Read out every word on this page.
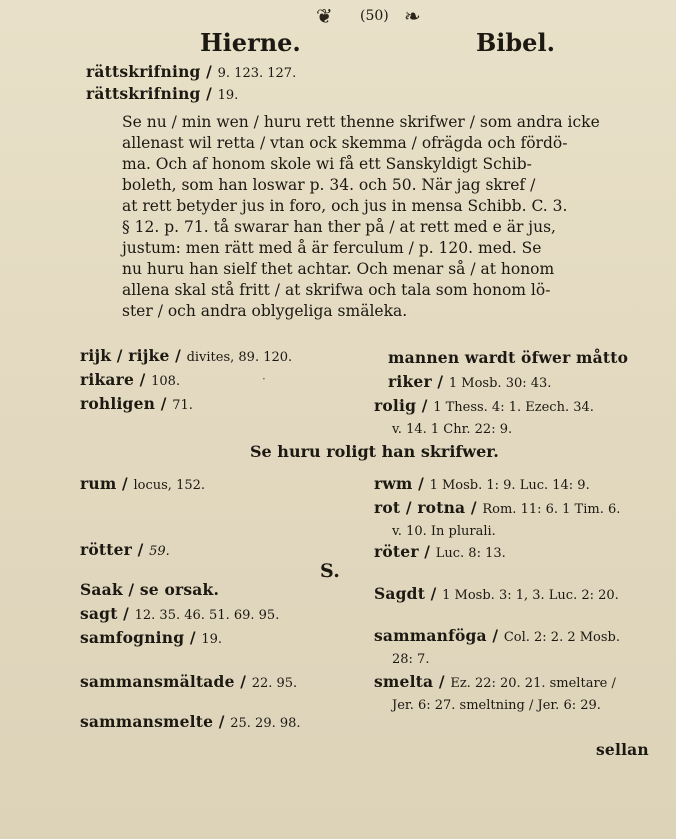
❦ (50) ❧
Hierne.	Bibel.
rättskrifning / 9. 123. 127.
rättskrifning / 19.
Se nu / min wen / huru rett thenne skrifwer / som andra icke
allenast wil retta / vtan ock skemma / ofrägda och fördö-
ma. Och af honom skole wi få ett Sanskyldigt Schib-
boleth, som han loswar p. 34. och 50. När jag skref /
at rett betyder jus in foro, och jus in mensa Schibb. C. 3.
§ 12. p. 71. tå swarar han ther på / at rett med e är jus,
justum: men rätt med å är ferculum / p. 120. med. Se
nu huru han sielf thet achtar. Och menar så / at honom
allena skal stå fritt / at skrifwa och tala som honom lö-
ster / och andra oblygeliga smäleka.
rijk / rijke / divites, 89. 120.
rikare / 108.
rohligen / 71.
mannen wardt öfwer måtto
riker / 1 Mosb. 30: 43.
rolig / 1 Thess. 4: 1. Ezech. 34.
v. 14. 1 Chr. 22: 9.
Se huru roligt han skrifwer.
rum / locus, 152.
rötter / 59.
rwm / 1 Mosb. 1: 9. Luc. 14: 9.
rot / rotna / Rom. 11: 6. 1 Tim. 6.
v. 10. In plurali.
röter / Luc. 8: 13.
S.
Saak / se orsak.
sagt / 12. 35. 46. 51. 69. 95.
samfogning / 19.
sammansmältade / 22. 95.
sammansmelte / 25. 29. 98.
Sagdt / 1 Mosb. 3: 1, 3. Luc. 2: 20.
sammanföga / Col. 2: 2. 2 Mosb.
28: 7.
smelta / Ez. 22: 20. 21. smeltare /
Jer. 6: 27. smeltning / Jer. 6: 29.
sellan
·
